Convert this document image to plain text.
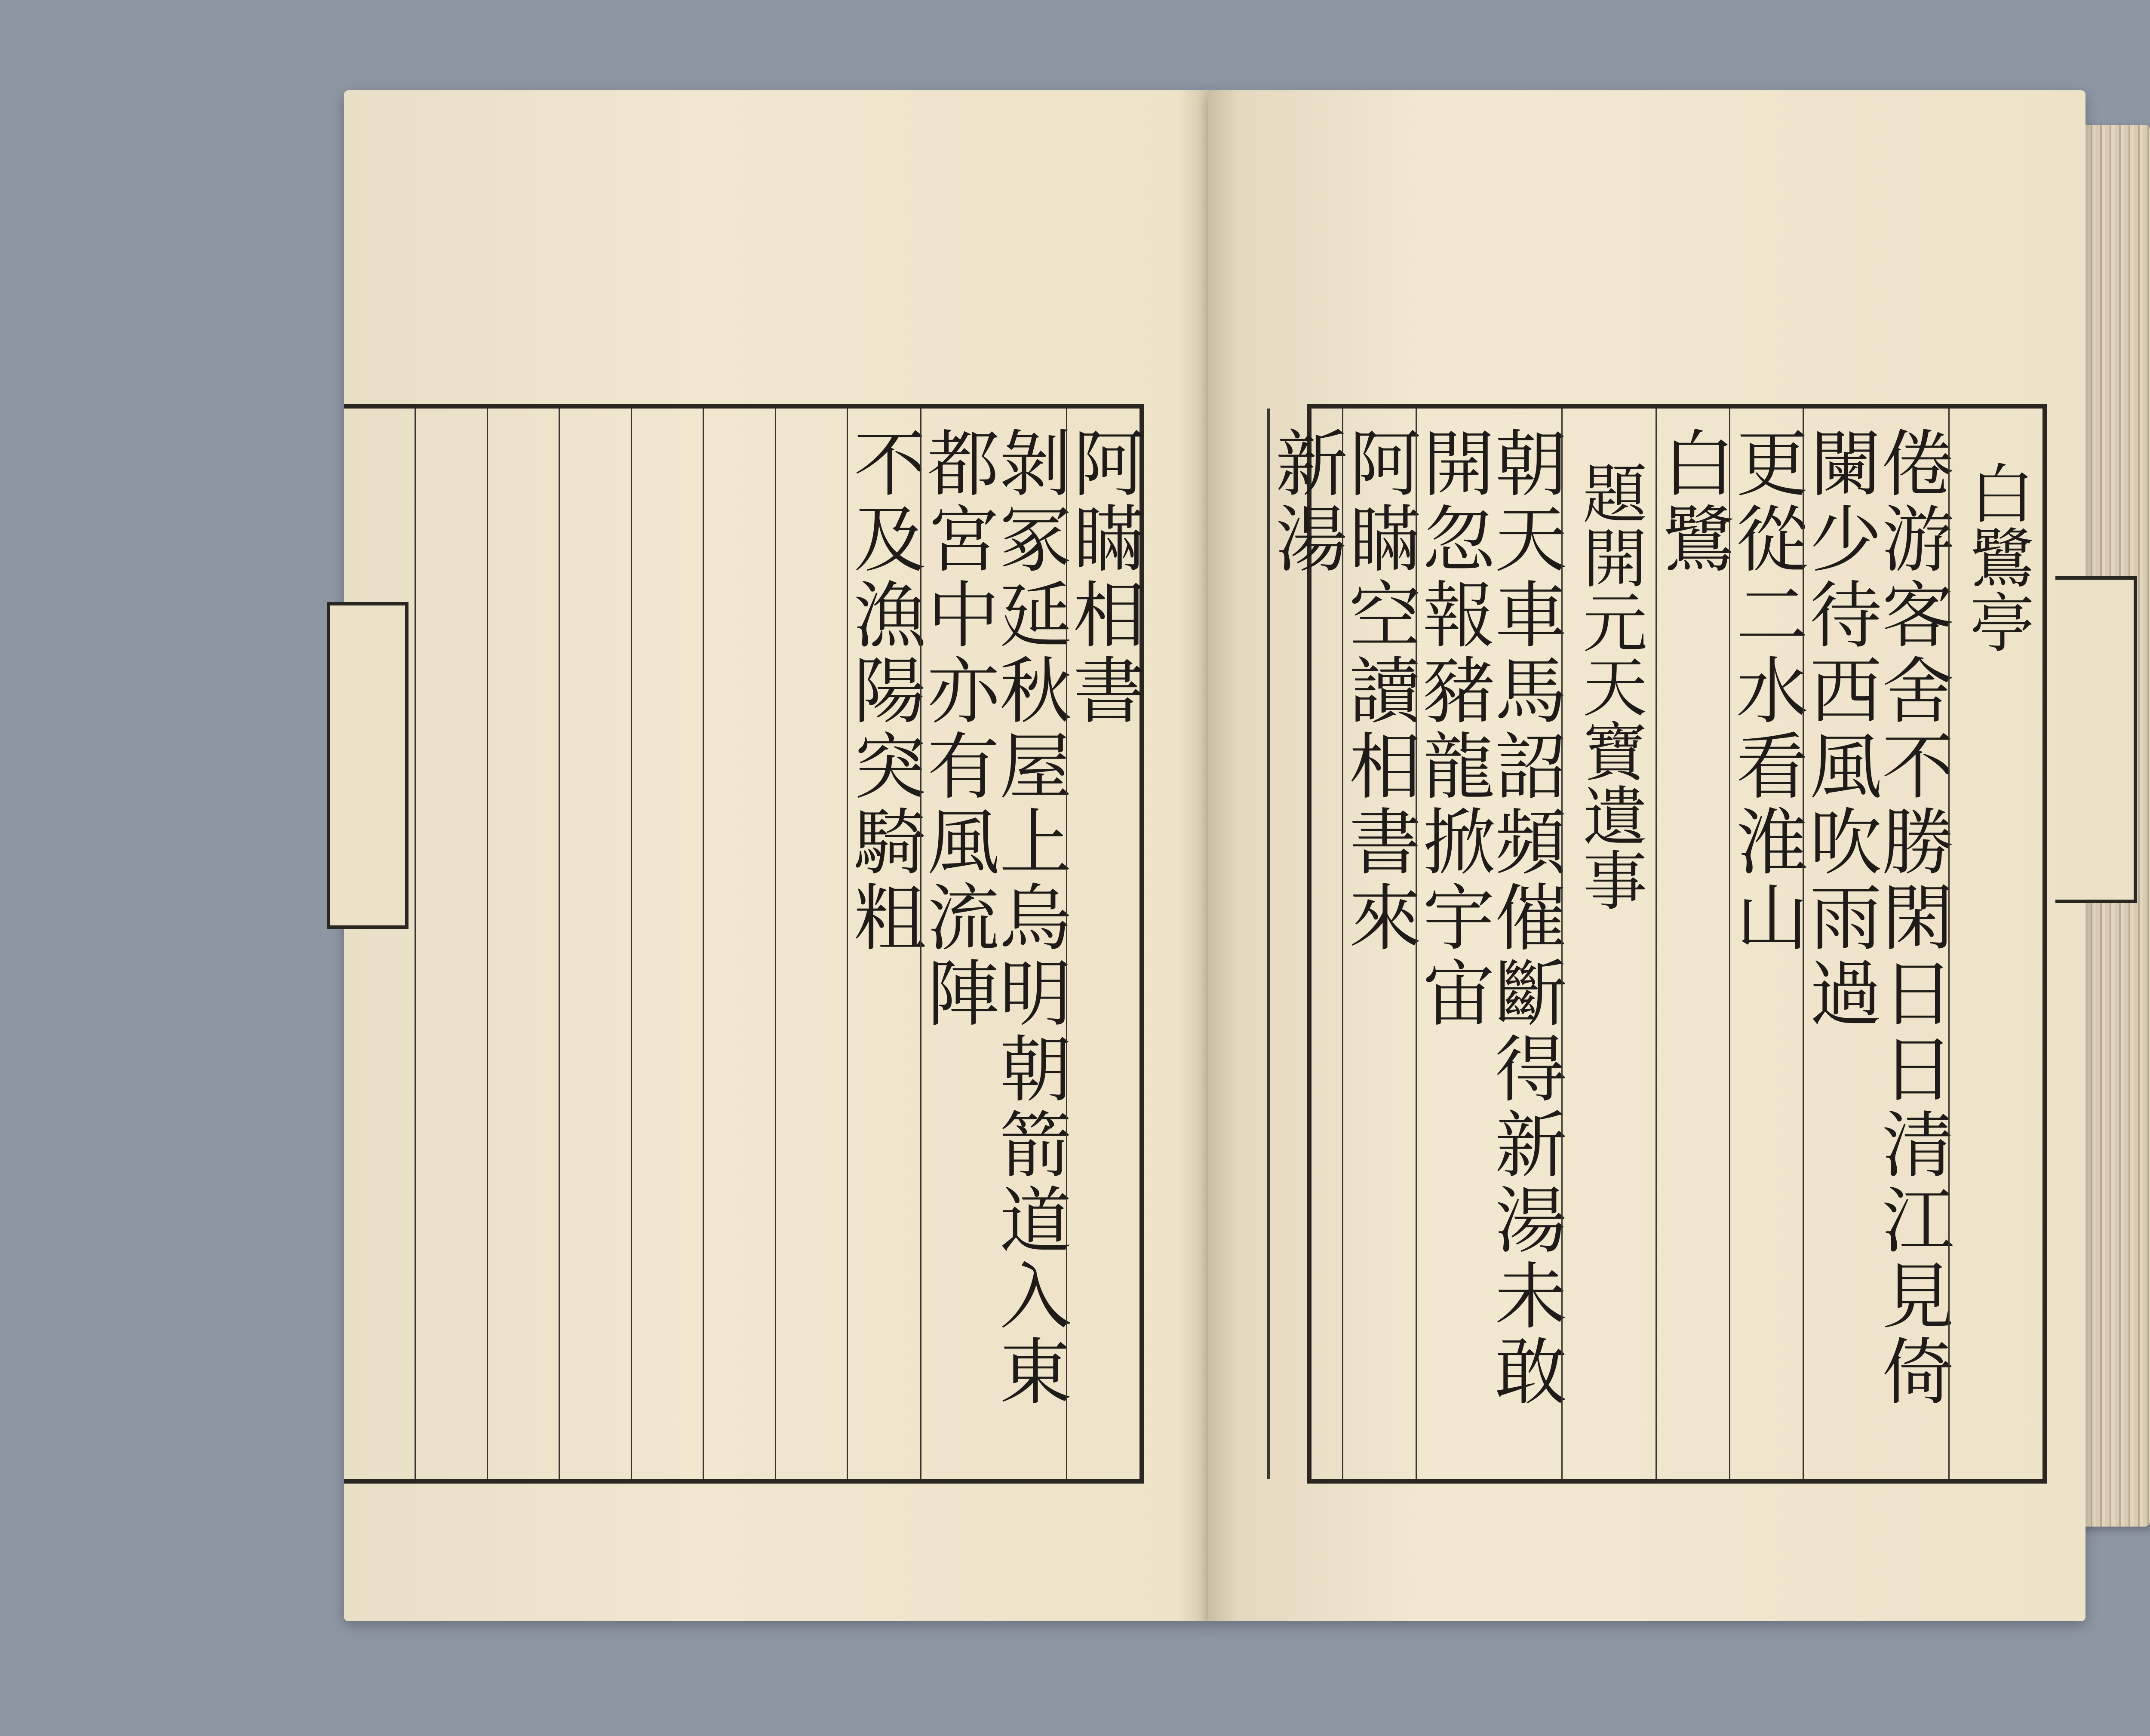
阿瞞相書
剝冢延秋屋上烏明朝箭道入東都宮中亦有風流陣
不及漁陽突騎粗	白鷺亭
倦游客舍不勝閑日日清江見倚闌少待西風吹雨過
更從二水看淮山
白鷺
題開元天寶遺事
朝天車馬詔頻催斷得新湯未敢開忽報豬龍掀宇宙
阿瞞空讀相書來
新湯
